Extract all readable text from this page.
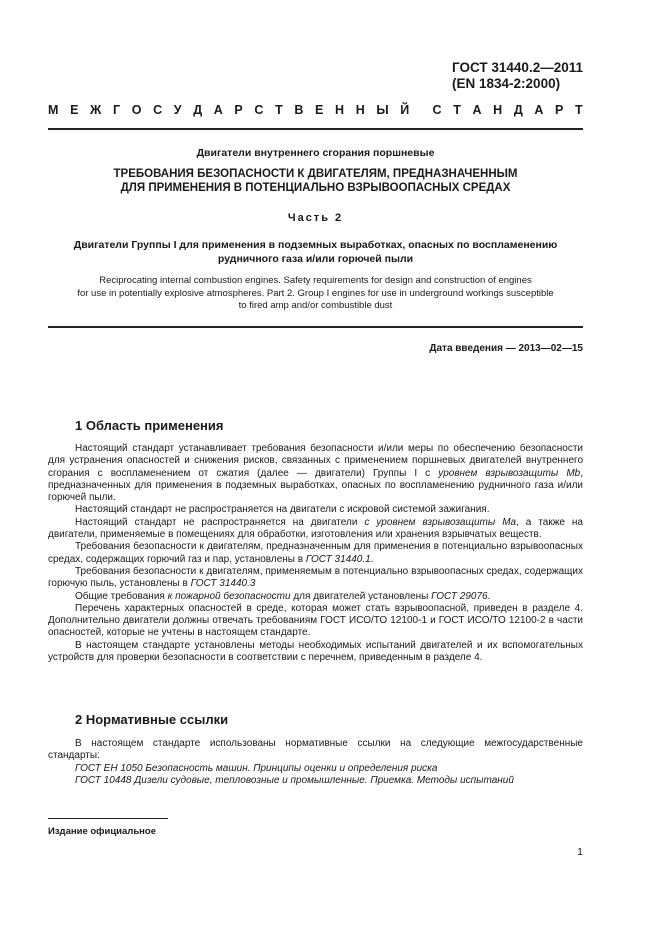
ГОСТ 31440.2—2011
(EN 1834-2:2000)
М Е Ж Г О С У Д А Р С Т В Е Н Н Ы Й С Т А Н Д А Р Т
Двигатели внутреннего сгорания поршневые
ТРЕБОВАНИЯ БЕЗОПАСНОСТИ К ДВИГАТЕЛЯМ, ПРЕДНАЗНАЧЕННЫМ
ДЛЯ ПРИМЕНЕНИЯ В ПОТЕНЦИАЛЬНО ВЗРЫВООПАСНЫХ СРЕДАХ
Часть 2
Двигатели Группы I для применения в подземных выработках, опасных по воспламенению
рудничного газа и/или горючей пыли
Reciprocating internal combustion engines. Safety requirements for design and construction of engines
for use in potentially explosive atmospheres. Part 2. Group I engines for use in underground workings susceptible
to fired amp and/or combustible dust
Дата введения — 2013—02—15
1 Область применения

Настоящий стандарт устанавливает требования безопасности и/или меры по обеспечению безопасности для устранения опасностей и снижения рисков, связанных с применением поршневых двигателей внутреннего сгорания с воспламенением от сжатия (далее — двигатели) Группы I с уровнем взрывозащиты Mb, предназначенных для применения в подземных выработках, опасных по воспламенению рудничного газа и/или горючей пыли.

Настоящий стандарт не распространяется на двигатели с искровой системой зажигания.

Настоящий стандарт не распространяется на двигатели с уровнем взрывозащиты Ma, а также на двигатели, применяемые в помещениях для обработки, изготовления или хранения взрывчатых веществ.

Требования безопасности к двигателям, предназначенным для применения в потенциально взрывоопасных средах, содержащих горючий газ и пар, установлены в ГОСТ 31440.1.

Требования безопасности к двигателям, применяемым в потенциально взрывоопасных средах, содержащих горючую пыль, установлены в ГОСТ 31440.3

Общие требования к пожарной безопасности для двигателей установлены ГОСТ 29076.

Перечень характерных опасностей в среде, которая может стать взрывоопасной, приведен в разделе 4. Дополнительно двигатели должны отвечать требованиям ГОСТ ИСО/ТО 12100-1 и ГОСТ ИСО/ТО 12100-2 в части опасностей, которые не учтены в настоящем стандарте.

В настоящем стандарте установлены методы необходимых испытаний двигателей и их вспомогательных устройств для проверки безопасности в соответствии с перечнем, приведенным в разделе 4.

2 Нормативные ссылки

В настоящем стандарте использованы нормативные ссылки на следующие межгосударственные стандарты:

ГОСТ ЕН 1050 Безопасность машин. Принципы оценки и определения риска

ГОСТ 10448 Дизели судовые, тепловозные и промышленные. Приемка. Методы испытаний

Издание официальное
1
